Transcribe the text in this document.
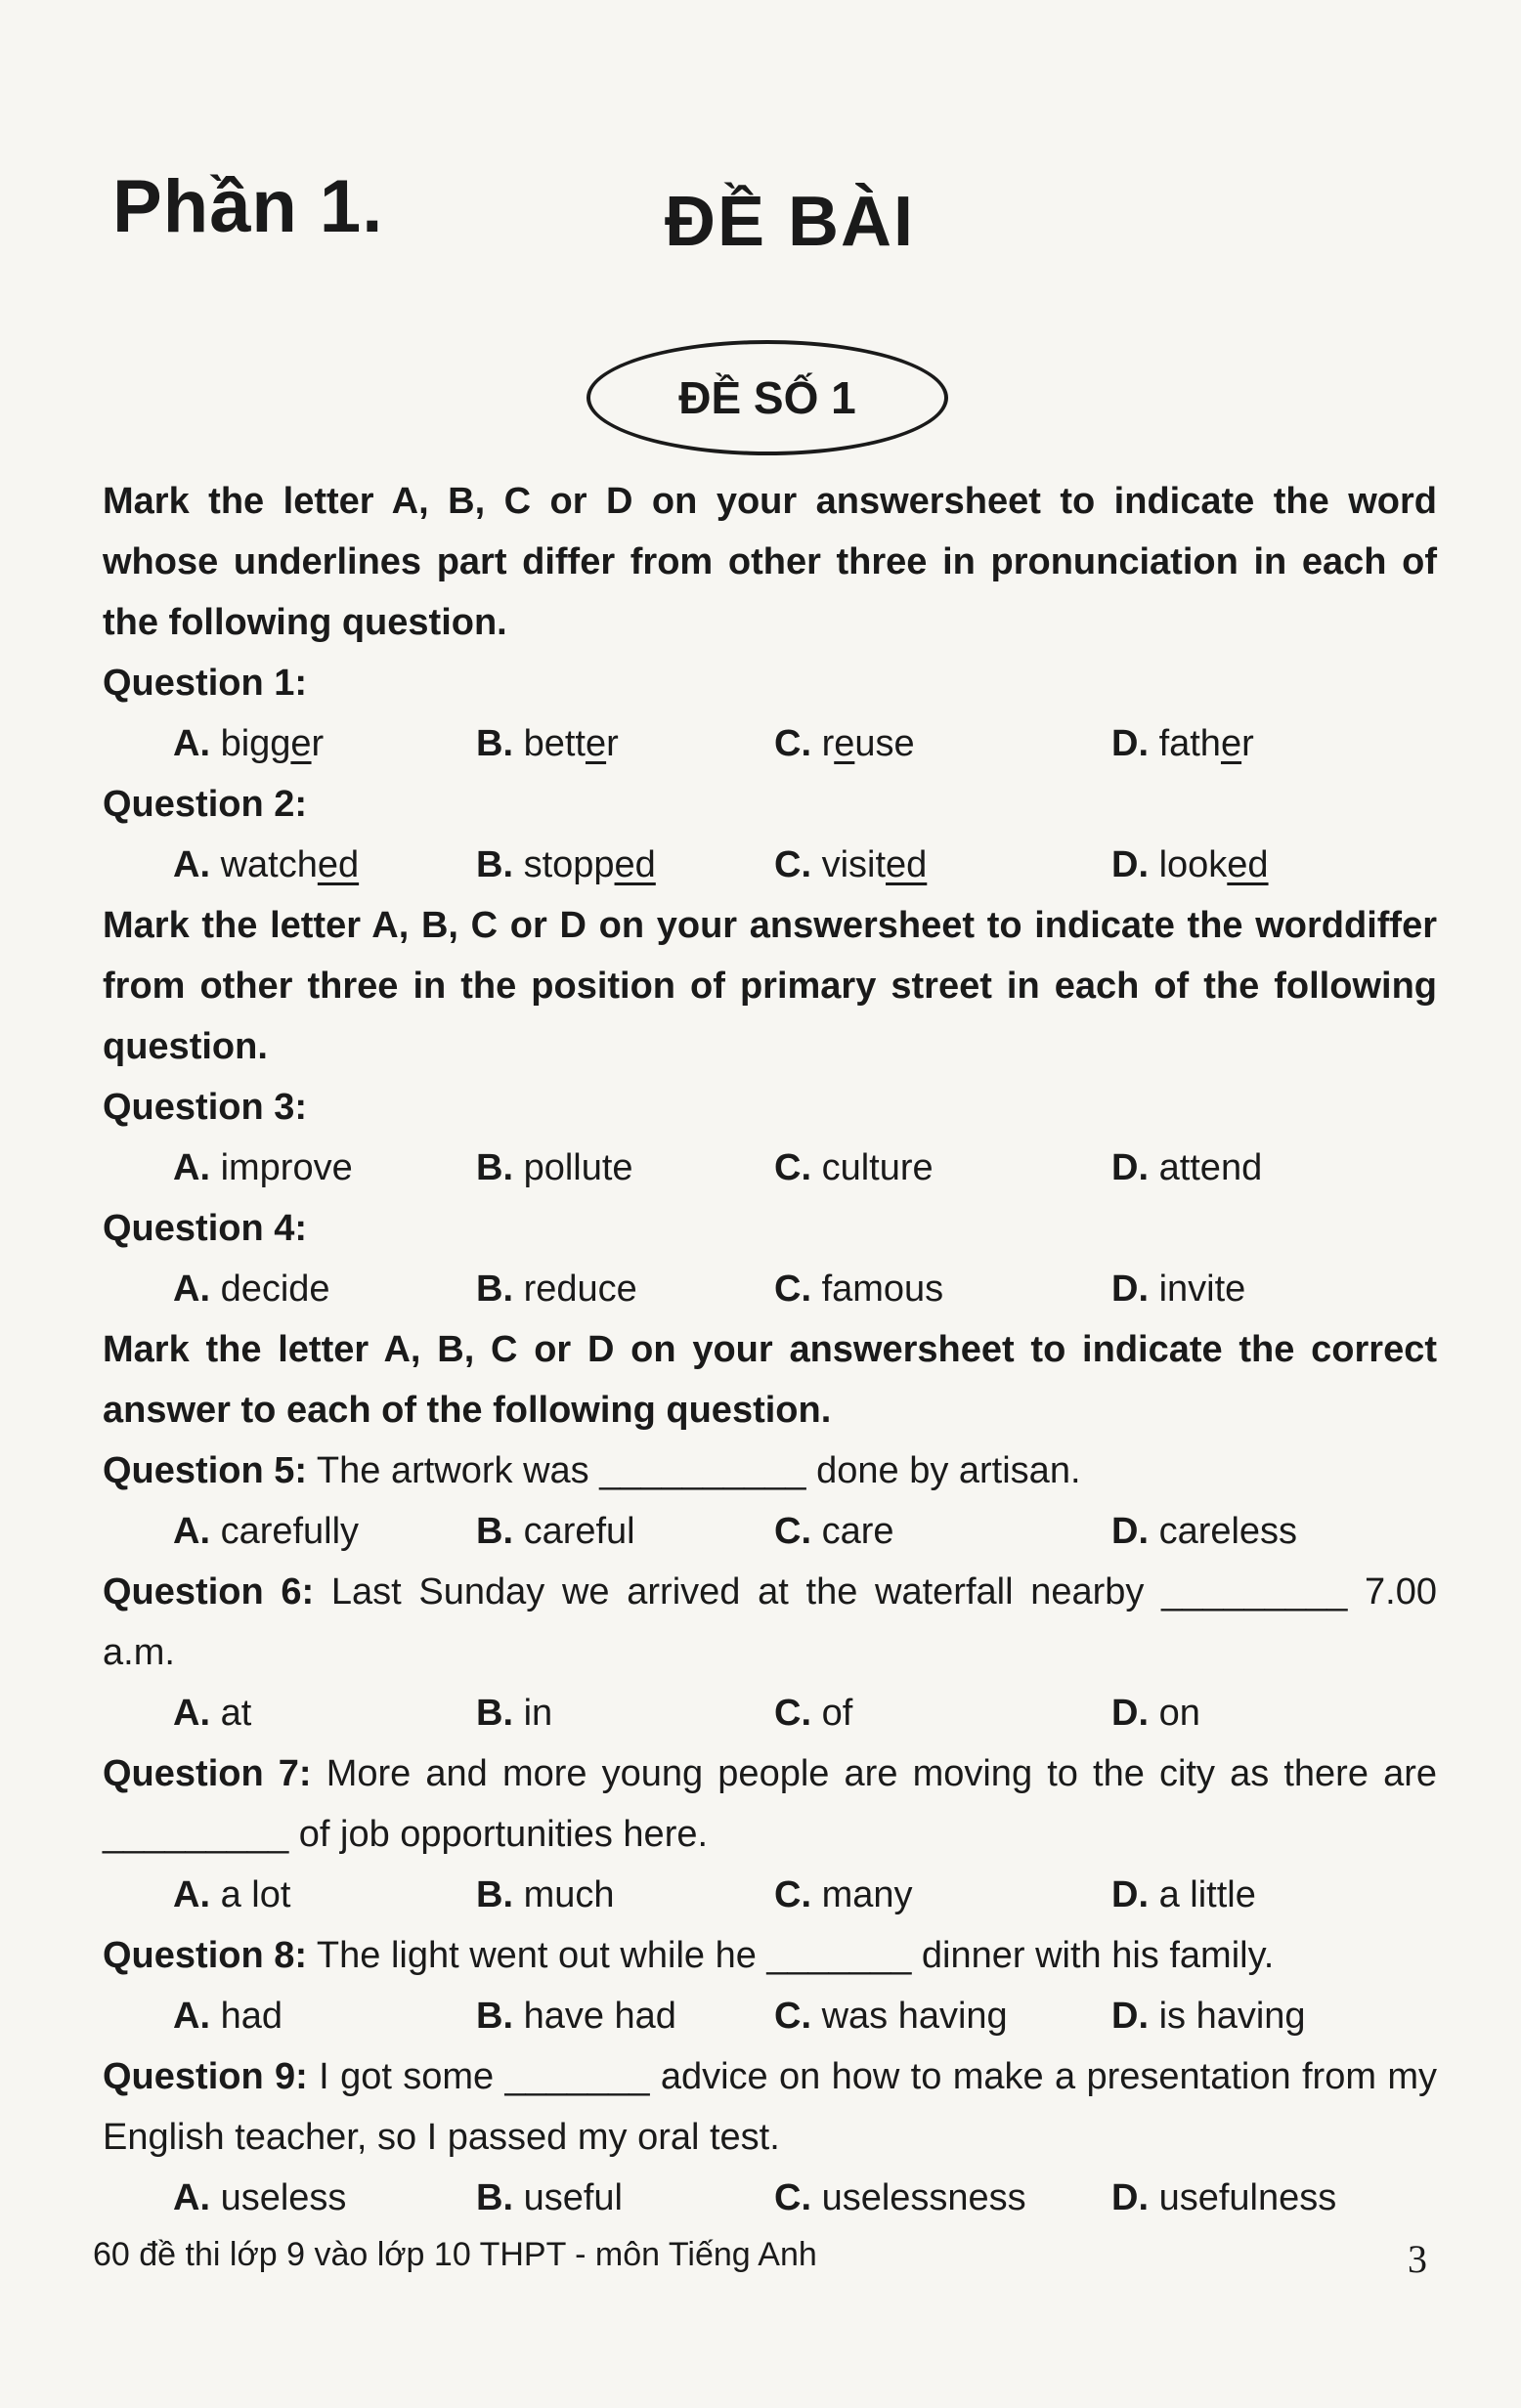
Phần 1.	ĐỀ BÀI
ĐỀ SỐ 1

Mark the letter A, B, C or D on your answersheet to indicate the word whose underlines part differ from other three in pronunciation in each of the following question.

Question 1:

A. bigger	B. better	C. reuse	D. father

Question 2:

A. watched	B. stopped	C. visited	D. looked

Mark the letter A, B, C or D on your answersheet to indicate the worddiffer from other three in the position of primary street in each of the following question.

Question 3:

A. improve	B. pollute	C. culture	D. attend

Question 4:

A. decide	B. reduce	C. famous	D. invite

Mark the letter A, B, C or D on your answersheet to indicate the correct answer to each of the following question.

Question 5: The artwork was __________ done by artisan.

A. carefully	B. careful	C. care	D. careless

Question 6: Last Sunday we arrived at the waterfall nearby _________ 7.00 a.m.

A. at	B. in	C. of	D. on

Question 7: More and more young people are moving to the city as there are _________ of job opportunities here.

A. a lot	B. much	C. many	D. a little

Question 8: The light went out while he _______ dinner with his family.

A. had	B. have had	C. was having	D. is having

Question 9: I got some _______ advice on how to make a presentation from my English teacher, so I passed my oral test.

A. useless	B. useful	C. uselessness	D. usefulness
60 đề thi lớp 9 vào lớp 10 THPT - môn Tiếng Anh	3
